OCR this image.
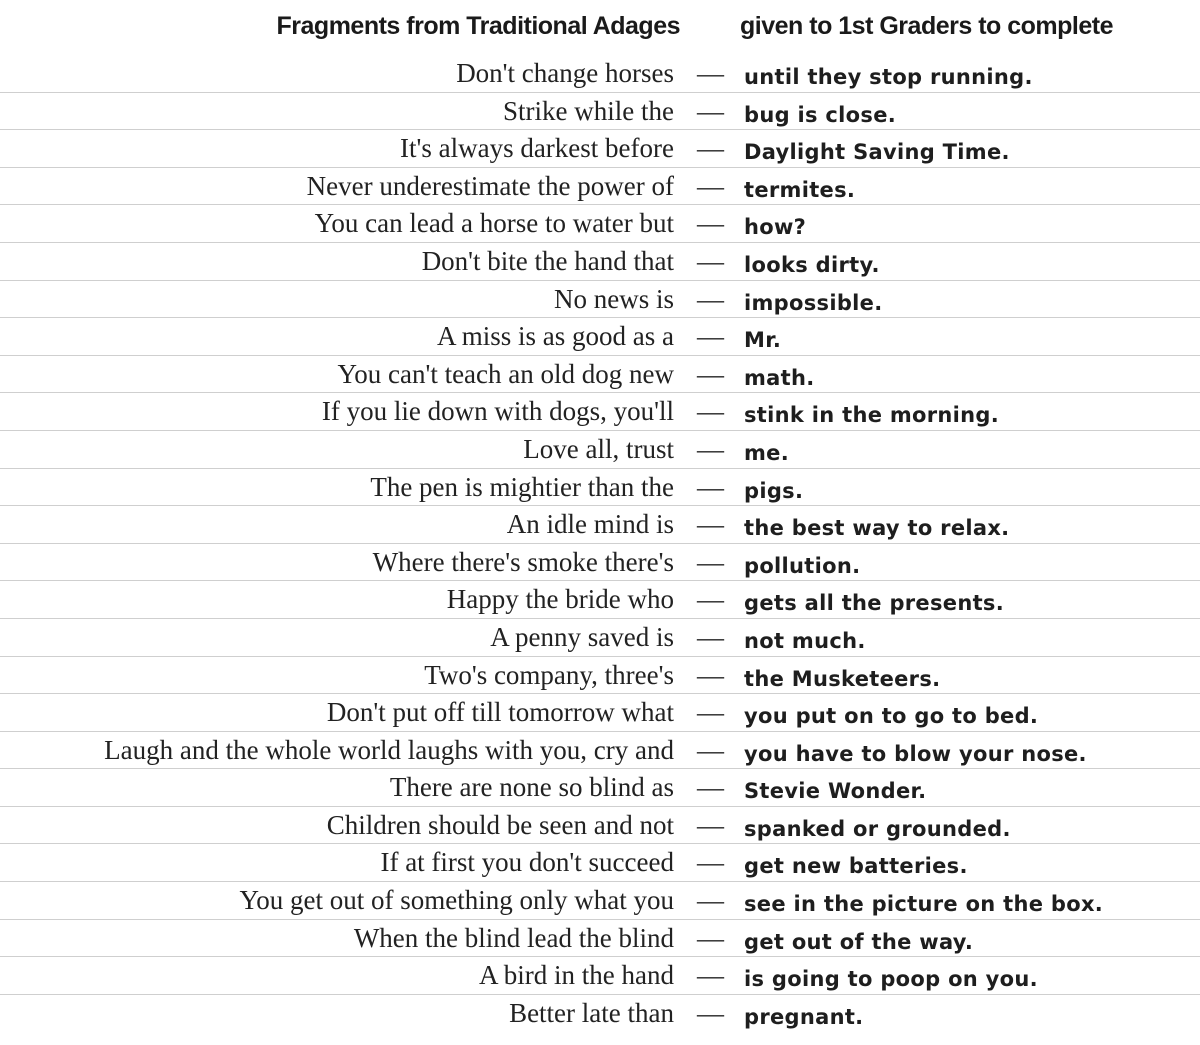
Fragments from Traditional Adages given to 1st Graders to complete
Don't change horses — until they stop running.
Strike while the — bug is close.
It's always darkest before — Daylight Saving Time.
Never underestimate the power of — termites.
You can lead a horse to water but — how?
Don't bite the hand that — looks dirty.
No news is — impossible.
A miss is as good as a — Mr.
You can't teach an old dog new — math.
If you lie down with dogs, you'll — stink in the morning.
Love all, trust — me.
The pen is mightier than the — pigs.
An idle mind is — the best way to relax.
Where there's smoke there's — pollution.
Happy the bride who — gets all the presents.
A penny saved is — not much.
Two's company, three's — the Musketeers.
Don't put off till tomorrow what — you put on to go to bed.
Laugh and the whole world laughs with you, cry and — you have to blow your nose.
There are none so blind as — Stevie Wonder.
Children should be seen and not — spanked or grounded.
If at first you don't succeed — get new batteries.
You get out of something only what you — see in the picture on the box.
When the blind lead the blind — get out of the way.
A bird in the hand — is going to poop on you.
Better late than — pregnant.
